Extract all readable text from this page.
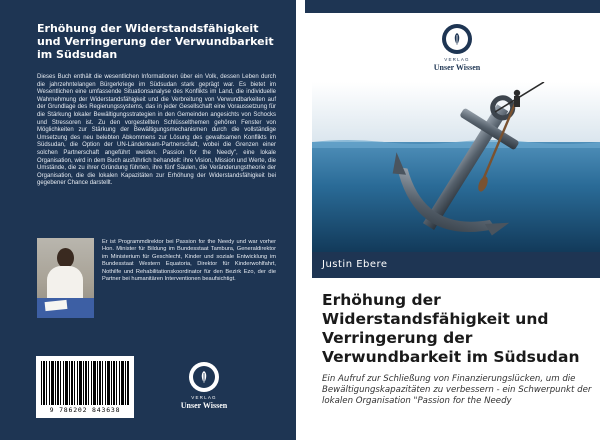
Erhöhung der Widerstandsfähigkeit und Verringerung der Verwundbarkeit im Südsudan

Dieses Buch enthält die wesentlichen Informationen über ein Volk, dessen Leben durch die jahrzehntelangen Bürgerkriege im Südsudan stark geprägt war. Es bietet im Wesentlichen eine umfassende Situationsanalyse des Konflikts im Land, die individuelle Wahrnehmung der Widerstandsfähigkeit und die Verbreitung von Verwundbarkeiten auf der Grundlage des Regierungssystems, das in jeder Gesellschaft eine Voraussetzung für die Stärkung lokaler Bewältigungsstrategien in den Gemeinden angesichts von Schocks und Stressoren ist. Zu den vorgestellten Schlüsselthemen gehören Fenster von Möglichkeiten zur Stärkung der Bewältigungsmechanismen durch die vollständige Umsetzung des neu belebten Abkommens zur Lösung des gewaltsamen Konflikts im Südsudan, die Option der UN-Länderteam-Partnerschaft, wobei die Grenzen einer solchen Partnerschaft angeführt werden. Passion for the Needy", eine lokale Organisation, wird in dem Buch ausführlich behandelt: ihre Vision, Mission und Werte, die Umstände, die zu ihrer Gründung führten, ihre fünf Säulen, die Veränderungstheorie der Organisation, die die lokalen Kapazitäten zur Erhöhung der Widerstandsfähigkeit bei gegebener Chance darstellt.

Er ist Programmdirektor bei Passion for the Needy und war vorher Hon. Minister für Bildung im Bundesstaat Tambura, Generaldirektor im Ministerium für Geschlecht, Kinder und soziale Entwicklung im Bundesstaat Western Equatoria, Direktor für Kinderwohlfahrt, Nothilfe und Rehabilitationskoordinator für den Bezirk Ezo, der die Partner bei humanitären Interventionen beaufsichtigt.

9 786202 843638
VERLAG
Unser Wissen
VERLAG
Unser Wissen
Justin Ebere
Erhöhung der Widerstandsfähigkeit und Verringerung der Verwundbarkeit im Südsudan

Ein Aufruf zur Schließung von Finanzierungslücken, um die Bewältigungskapazitäten zu verbessern - ein Schwerpunkt der lokalen Organisation "Passion for the Needy
